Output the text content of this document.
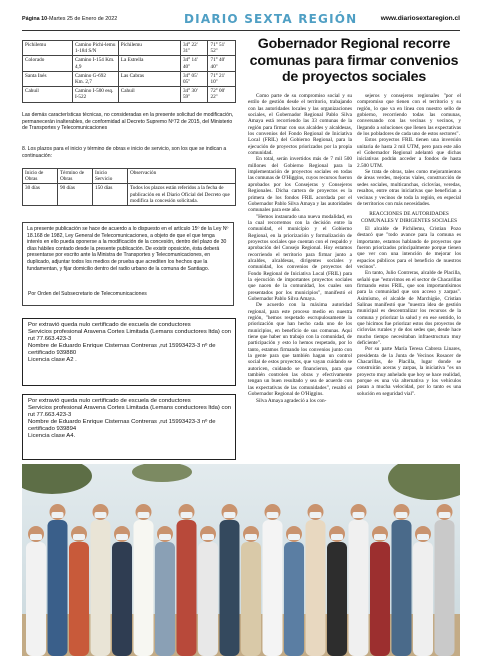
Página 10-Martes 25 de Enero de 2022	DIARIO SEXTA REGIÓN	www.diariosextaregion.cl
Pichilemu	Camino Pichi-lemu 1-184 S/N	Pichilemu	34° 22' 31''	71° 51' 52''
Colorado	Camino I-154 Km. 4,9	La Estrella	34° 14' 40''	71° 40' 40''
Santa Inés	Camino G-692 Km. 2,7	Las Cabras	34° 05' 05''	71° 21' 10''
Cahuil	Camino I-500 esq. I-522	Cahuil	34° 30' 59''	72° 00' 22''
Las demás características técnicas, no consideradas en la presente solicitud de modificación, permanecerán inalterables, de conformidad al Decreto Supremo Nº72 de 2015, del Ministerio de Transportes y Telecomunicaciones
8. Los plazos para el inicio y término de obras e inicio de servicio, son los que se indican a continuación:
Inicio de Obras	Término de Obras	Inicio Servicio	Observación
30 días	90 días	150 días	Todos los plazos están referidos a la fecha de publicación en el Diario Oficial del Decreto que modifica la concesión solicitada.

La presente publicación se hace de acuerdo a lo dispuesto en el artículo 15º de la Ley Nº 18.168 de 1982, Ley General de Telecomunicaciones, a objeto de que el que tenga interés en ello pueda oponerse a la modificación de la concesión, dentro del plazo de 30 días hábiles contado desde la presente publicación. De existir oposición, ésta deberá presentarse por escrito ante la Ministra de Transportes y Telecomunicaciones, en duplicado, adjuntar todos los medios de prueba que acrediten los hechos que la fundamentan, y fijar domicilio dentro del radio urbano de la comuna de Santiago.

Por Orden del Subsecretario de Telecomunicaciones
Por extravió queda nulo certificado de escuela de conductores
Servicios profesional Aravena Cortes Limitada (Lemans conductores ltda) con
rut 77.663.423-3
Nombre de Eduardo Enrique Cisternas Contreras ,rut 15993423-3 nº de certificado 939880
Licencia clase A2 .
Por extravió queda nulo certificado de escuela de conductores
Servicios profesional Aravena Cortes Limitada (Lemans conductores ltda) con
rut 77.663.423-3
Nombre de Eduardo Enrique Cisternas Contreras ,rut 15993423-3 nº de certificado 939894
Licencia clase A4.
Gobernador Regional recorre comunas para firmar convenios de proyectos sociales

Como parte de su compromiso social y su estilo de gestión desde el territorio, trabajando con las autoridades locales y las organizaciones sociales, el Gobernador Regional Pablo Silva Amaya está recorriendo las 33 comunas de la región para firmar con sus alcaldes y alcaldesas, los convenios del Fondo Regional de Iniciativa Local (FRIL) del Gobierno Regional, para la ejecución de proyectos priorizados por la propia comunidad.

En total, serán invertidos más de 7 mil 500 millones del Gobierno Regional para la implementación de proyectos sociales en todas las comunas de O'Higgins, cuyos recursos fueron aprobados por los Consejeras y Consejeros Regionales. Dicha cartera de proyectos es la primera de los fondos FRIL acordada por el Gobernador Pablo Silva Amaya y las autoridades comunales para este año.

"Hemos instaurado una nueva modalidad, en la cual recorremos con la decisión entre la comunidad, el municipio y el Gobierno Regional, en la priorización y formalización de proyectos sociales que cuentan con el respaldo y aprobación del Consejo Regional. Hoy estamos recorriendo el territorio para firmar junto a alcaldes, alcaldesas, dirigentes sociales y comunidad, los convenios de proyectos del Fondo Regional de Iniciativa Local (FRIL) para la ejecución de importantes proyectos sociales que nacen de la comunidad, los cuales son presentados por los municipios", manifestó el Gobernador Pablo Silva Amaya.

De acuerdo con la máxima autoridad regional, para este proceso medio en nuestra región, "hemos respetado escrupulosamente la priorización que han hecho cada uno de los municipios, en beneficio de sus comunas. Aquí tiene que haber un trabajo con la comunidad, de participación y esto lo hemos respetado, por lo tanto, estamos firmando los convenios junto con la gente para que también hagan un control social de estos proyectos, que vayan cuidando se autoricen, cuidando se financieron, para que también controlen las obras y efectivamente tengan un buen resultado y sea de acuerdo con las expectativas de las comunidades", resaltó el Gobernador Regional de O'Higgins.

Silva Amaya agradeció a los con-

sejeros y consejeros regionales "por el compromiso que tienen con el territorio y su región, lo que va en línea con nuestro sello de gobierno, recorriendo todas las comunas, conversando con las vecinas y vecinos, y llegando a soluciones que llenen las expectativas de los pobladores de cada uno de estos sectores".

Estos proyectos FRIL tienen una inversión unitaria de hasta 2 mil UTM, pero para este año el Gobernador Regional adelantó que dichas iniciativas podrán acceder a fondos de hasta 2.500 UTM.

Se trata de obras, tales como mejoramientos de áreas verdes, mejoras viales, construcción de sedes sociales, multicanchas, ciclovías, veredas, resaltos, entre otras iniciativas que benefician a vecinas y vecinos de toda la región, en especial de territorios con más necesidades.

REACCIONES DE AUTORIDADES COMUNALES Y DIRIGENTES SOCIALES

El alcalde de Pichilemu, Cristian Pozo destacó que "todo avance para la comuna es importante, estamos hablando de proyectos que fueron priorizados principalmente porque tienen que ver con una intención de mejorar los espacios públicos para el beneficio de nuestros vecinos".

En tanto, Julio Contreras, alcalde de Placilla, señaló que "estuvimos en el sector de Chacarillas firmando estos FRIL, que son importantísimos para la comunidad que son acceso y zarpas". Asimismo, el alcalde de Marchigüe, Cristian Salinas manifestó que "nuestra idea de gestión municipal es descentralizar los recursos de la comuna y priorizar la salud y en ese sentido, lo que hicimos fue priorizar estos dos proyectos de ciclovías rurales y de dos sedes que, desde hace mucho tiempo necesitaban infraestructura muy deficiente".

Por su parte María Teresa Cabrera Linares, presidenta de la Junta de Vecinos Rosacer de Chacarillas, de Placilla, lugar donde se construirán aceras y zarpas, la iniciativa "es un proyecto muy anhelado que hoy se hace realidad, porque es una vía alternativa y los vehículos pasan a mucha velocidad, por lo tanto es una solución en seguridad vial".
